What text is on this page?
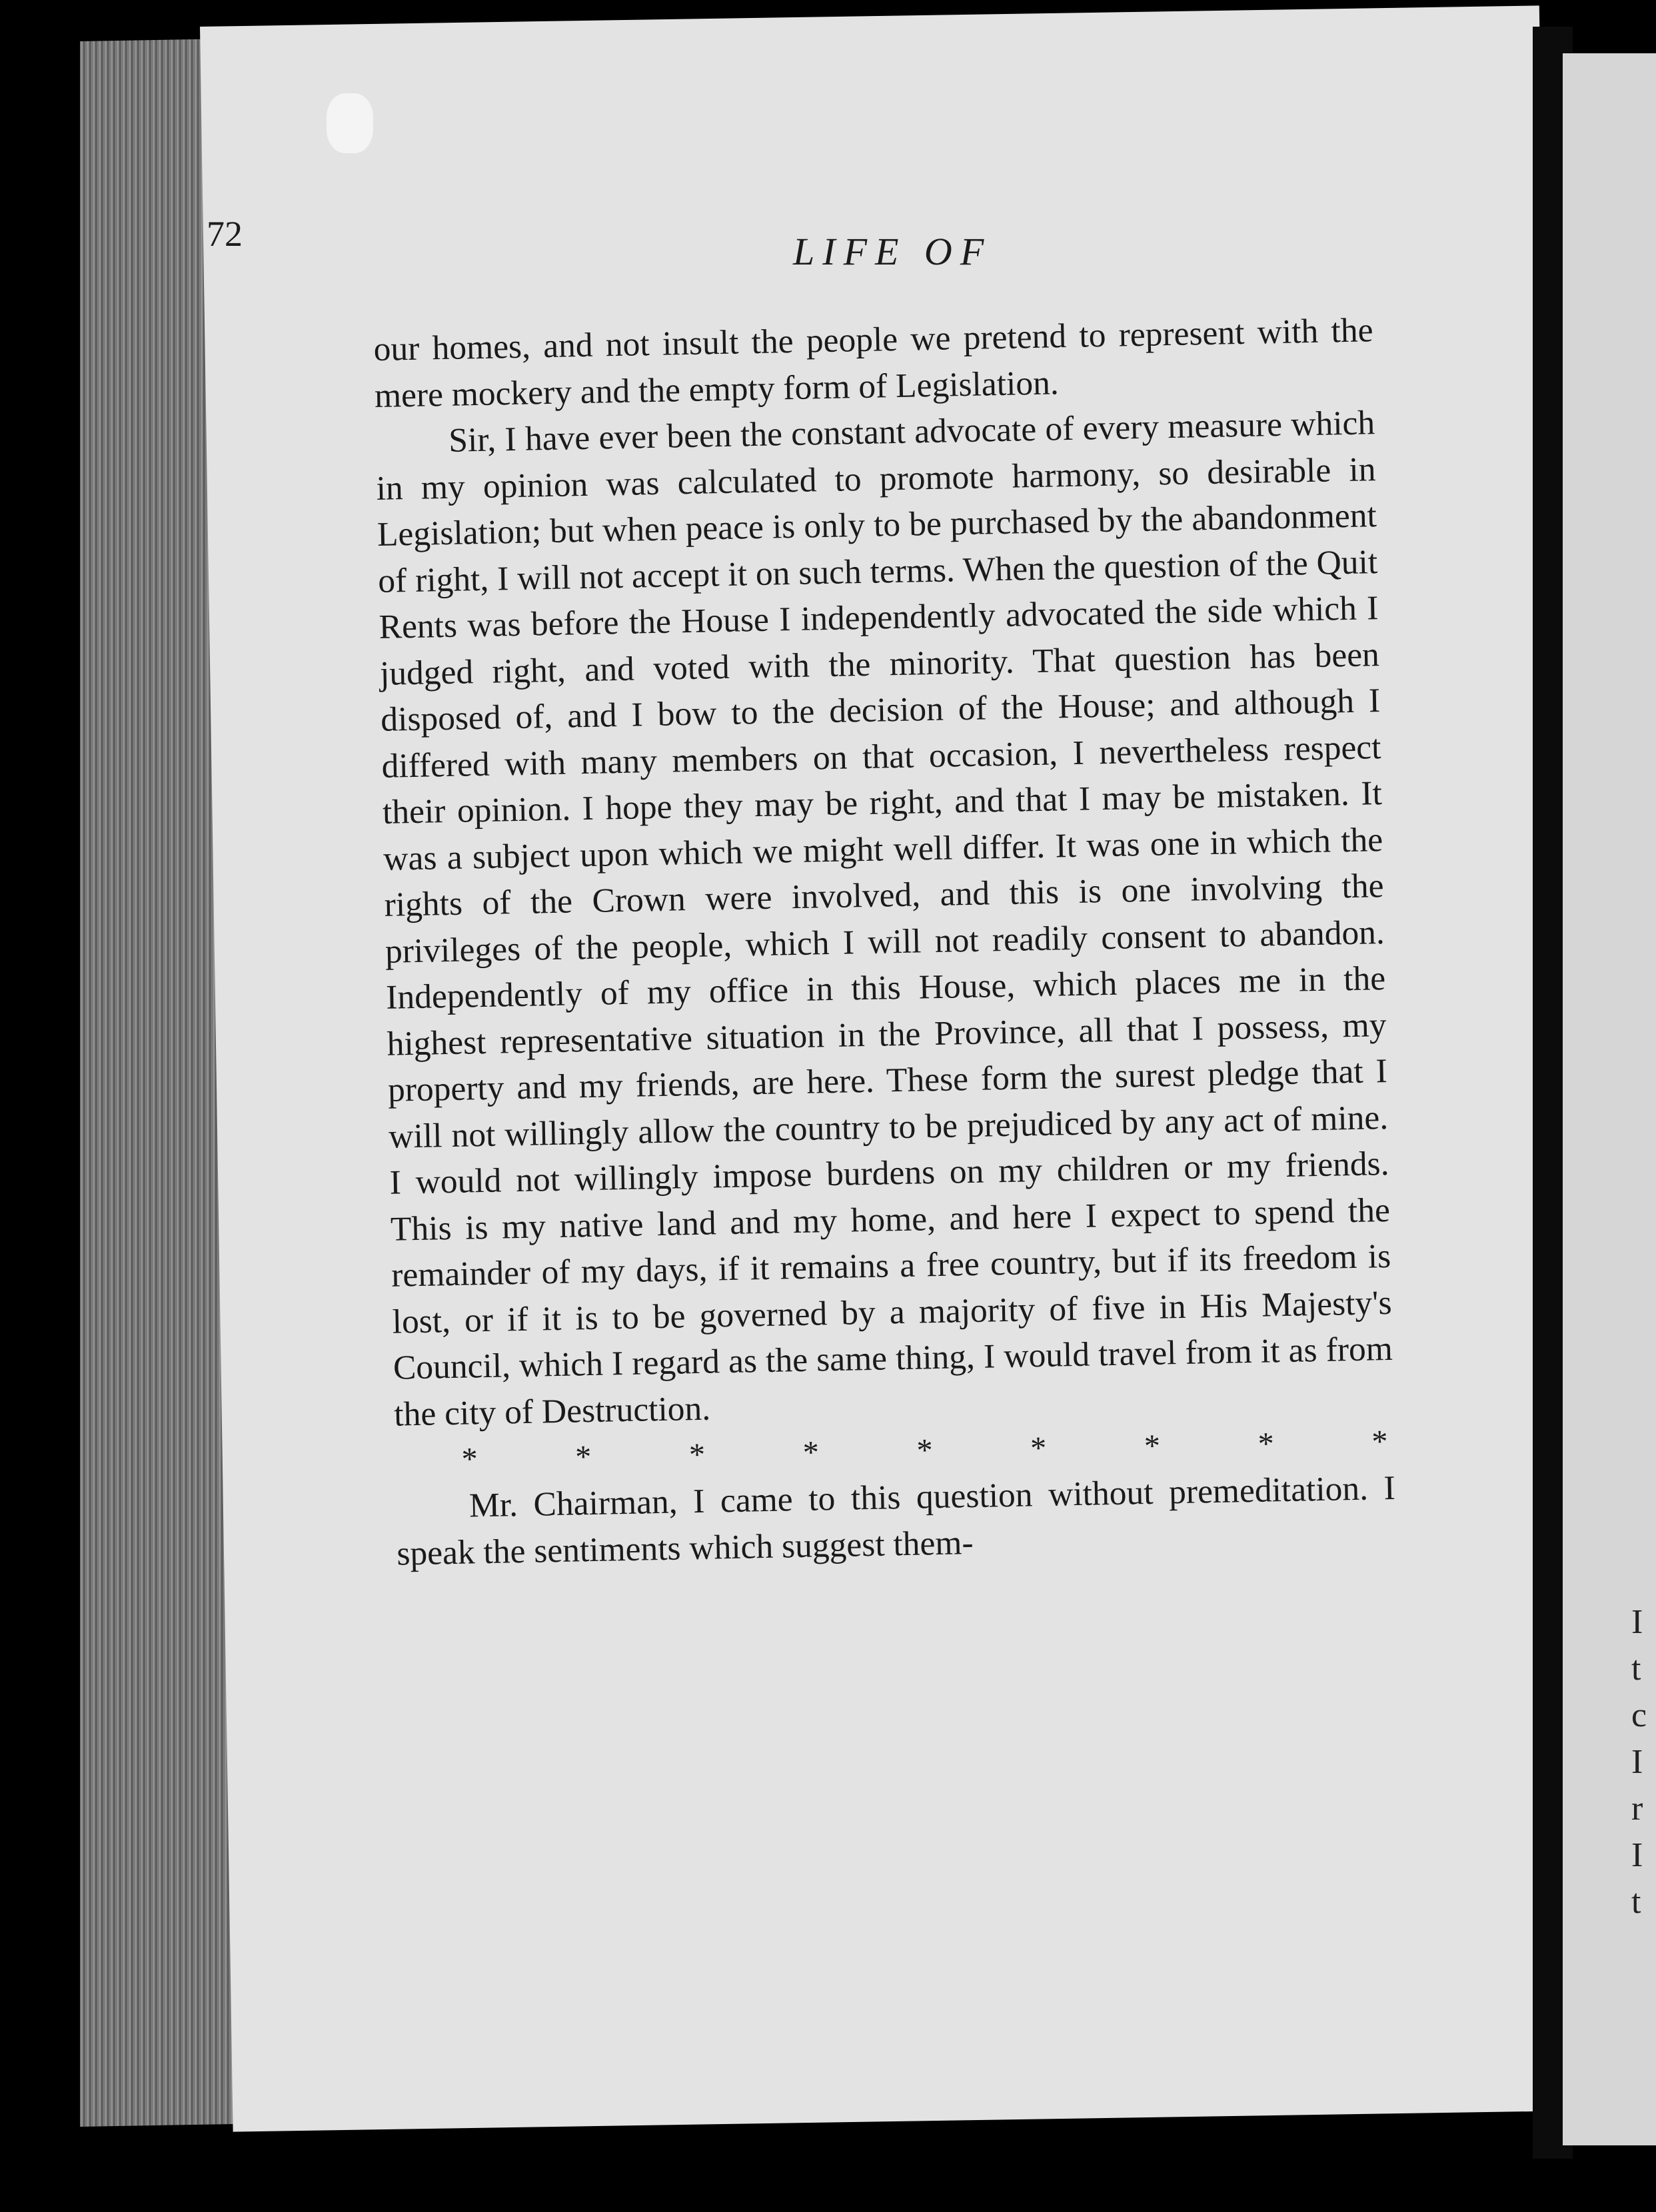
I
t
c
I
r
I
t
72	LIFE OF

our homes, and not insult the people we pretend to represent with the mere mockery and the empty form of Legislation.

Sir, I have ever been the constant advocate of every measure which in my opinion was calculated to promote harmony, so desirable in Legislation; but when peace is only to be purchased by the abandonment of right, I will not accept it on such terms. When the question of the Quit Rents was before the House I independently advocated the side which I judged right, and voted with the minority. That question has been disposed of, and I bow to the decision of the House; and although I differed with many members on that occasion, I nevertheless respect their opinion. I hope they may be right, and that I may be mistaken. It was a subject upon which we might well differ. It was one in which the rights of the Crown were involved, and this is one involving the privileges of the people, which I will not readily consent to abandon. Independently of my office in this House, which places me in the highest representative situation in the Province, all that I possess, my property and my friends, are here. These form the surest pledge that I will not willingly allow the country to be prejudiced by any act of mine. I would not willingly impose burdens on my children or my friends. This is my native land and my home, and here I expect to spend the remainder of my days, if it remains a free country, but if its freedom is lost, or if it is to be governed by a majority of five in His Majesty's Council, which I regard as the same thing, I would travel from it as from the city of Destruction.

*	*	*	*	*	*	*	*	*

Mr. Chairman, I came to this question without premeditation. I speak the sentiments which suggest them-
